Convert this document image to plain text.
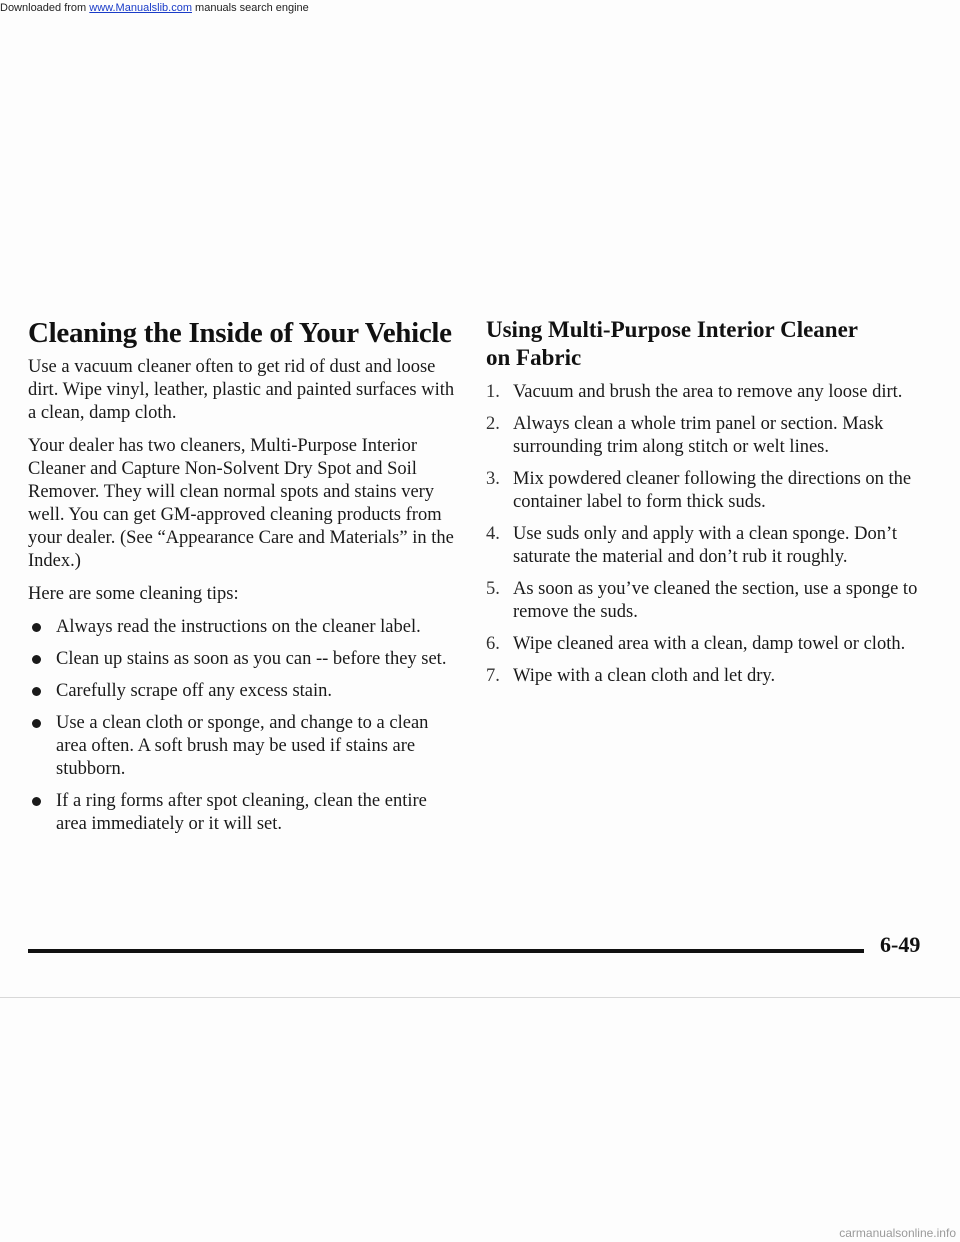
Downloaded from www.Manualslib.com manuals search engine
Cleaning the Inside of Your Vehicle

Use a vacuum cleaner often to get rid of dust and loose dirt. Wipe vinyl, leather, plastic and painted surfaces with a clean, damp cloth.

Your dealer has two cleaners, Multi-Purpose Interior Cleaner and Capture Non-Solvent Dry Spot and Soil Remover. They will clean normal spots and stains very well. You can get GM-approved cleaning products from your dealer. (See “Appearance Care and Materials” in the Index.)

Here are some cleaning tips:

Always read the instructions on the cleaner label.
Clean up stains as soon as you can -- before they set.
Carefully scrape off any excess stain.
Use a clean cloth or sponge, and change to a clean area often. A soft brush may be used if stains are stubborn.
If a ring forms after spot cleaning, clean the entire area immediately or it will set.
Using Multi-Purpose Interior Cleaner
on Fabric
1. Vacuum and brush the area to remove any loose dirt.
2. Always clean a whole trim panel or section. Mask surrounding trim along stitch or welt lines.
3. Mix powdered cleaner following the directions on the container label to form thick suds.
4. Use suds only and apply with a clean sponge. Don’t saturate the material and don’t rub it roughly.
5. As soon as you’ve cleaned the section, use a sponge to remove the suds.
6. Wipe cleaned area with a clean, damp towel or cloth.
7. Wipe with a clean cloth and let dry.
6-49
carmanualsonline.info
